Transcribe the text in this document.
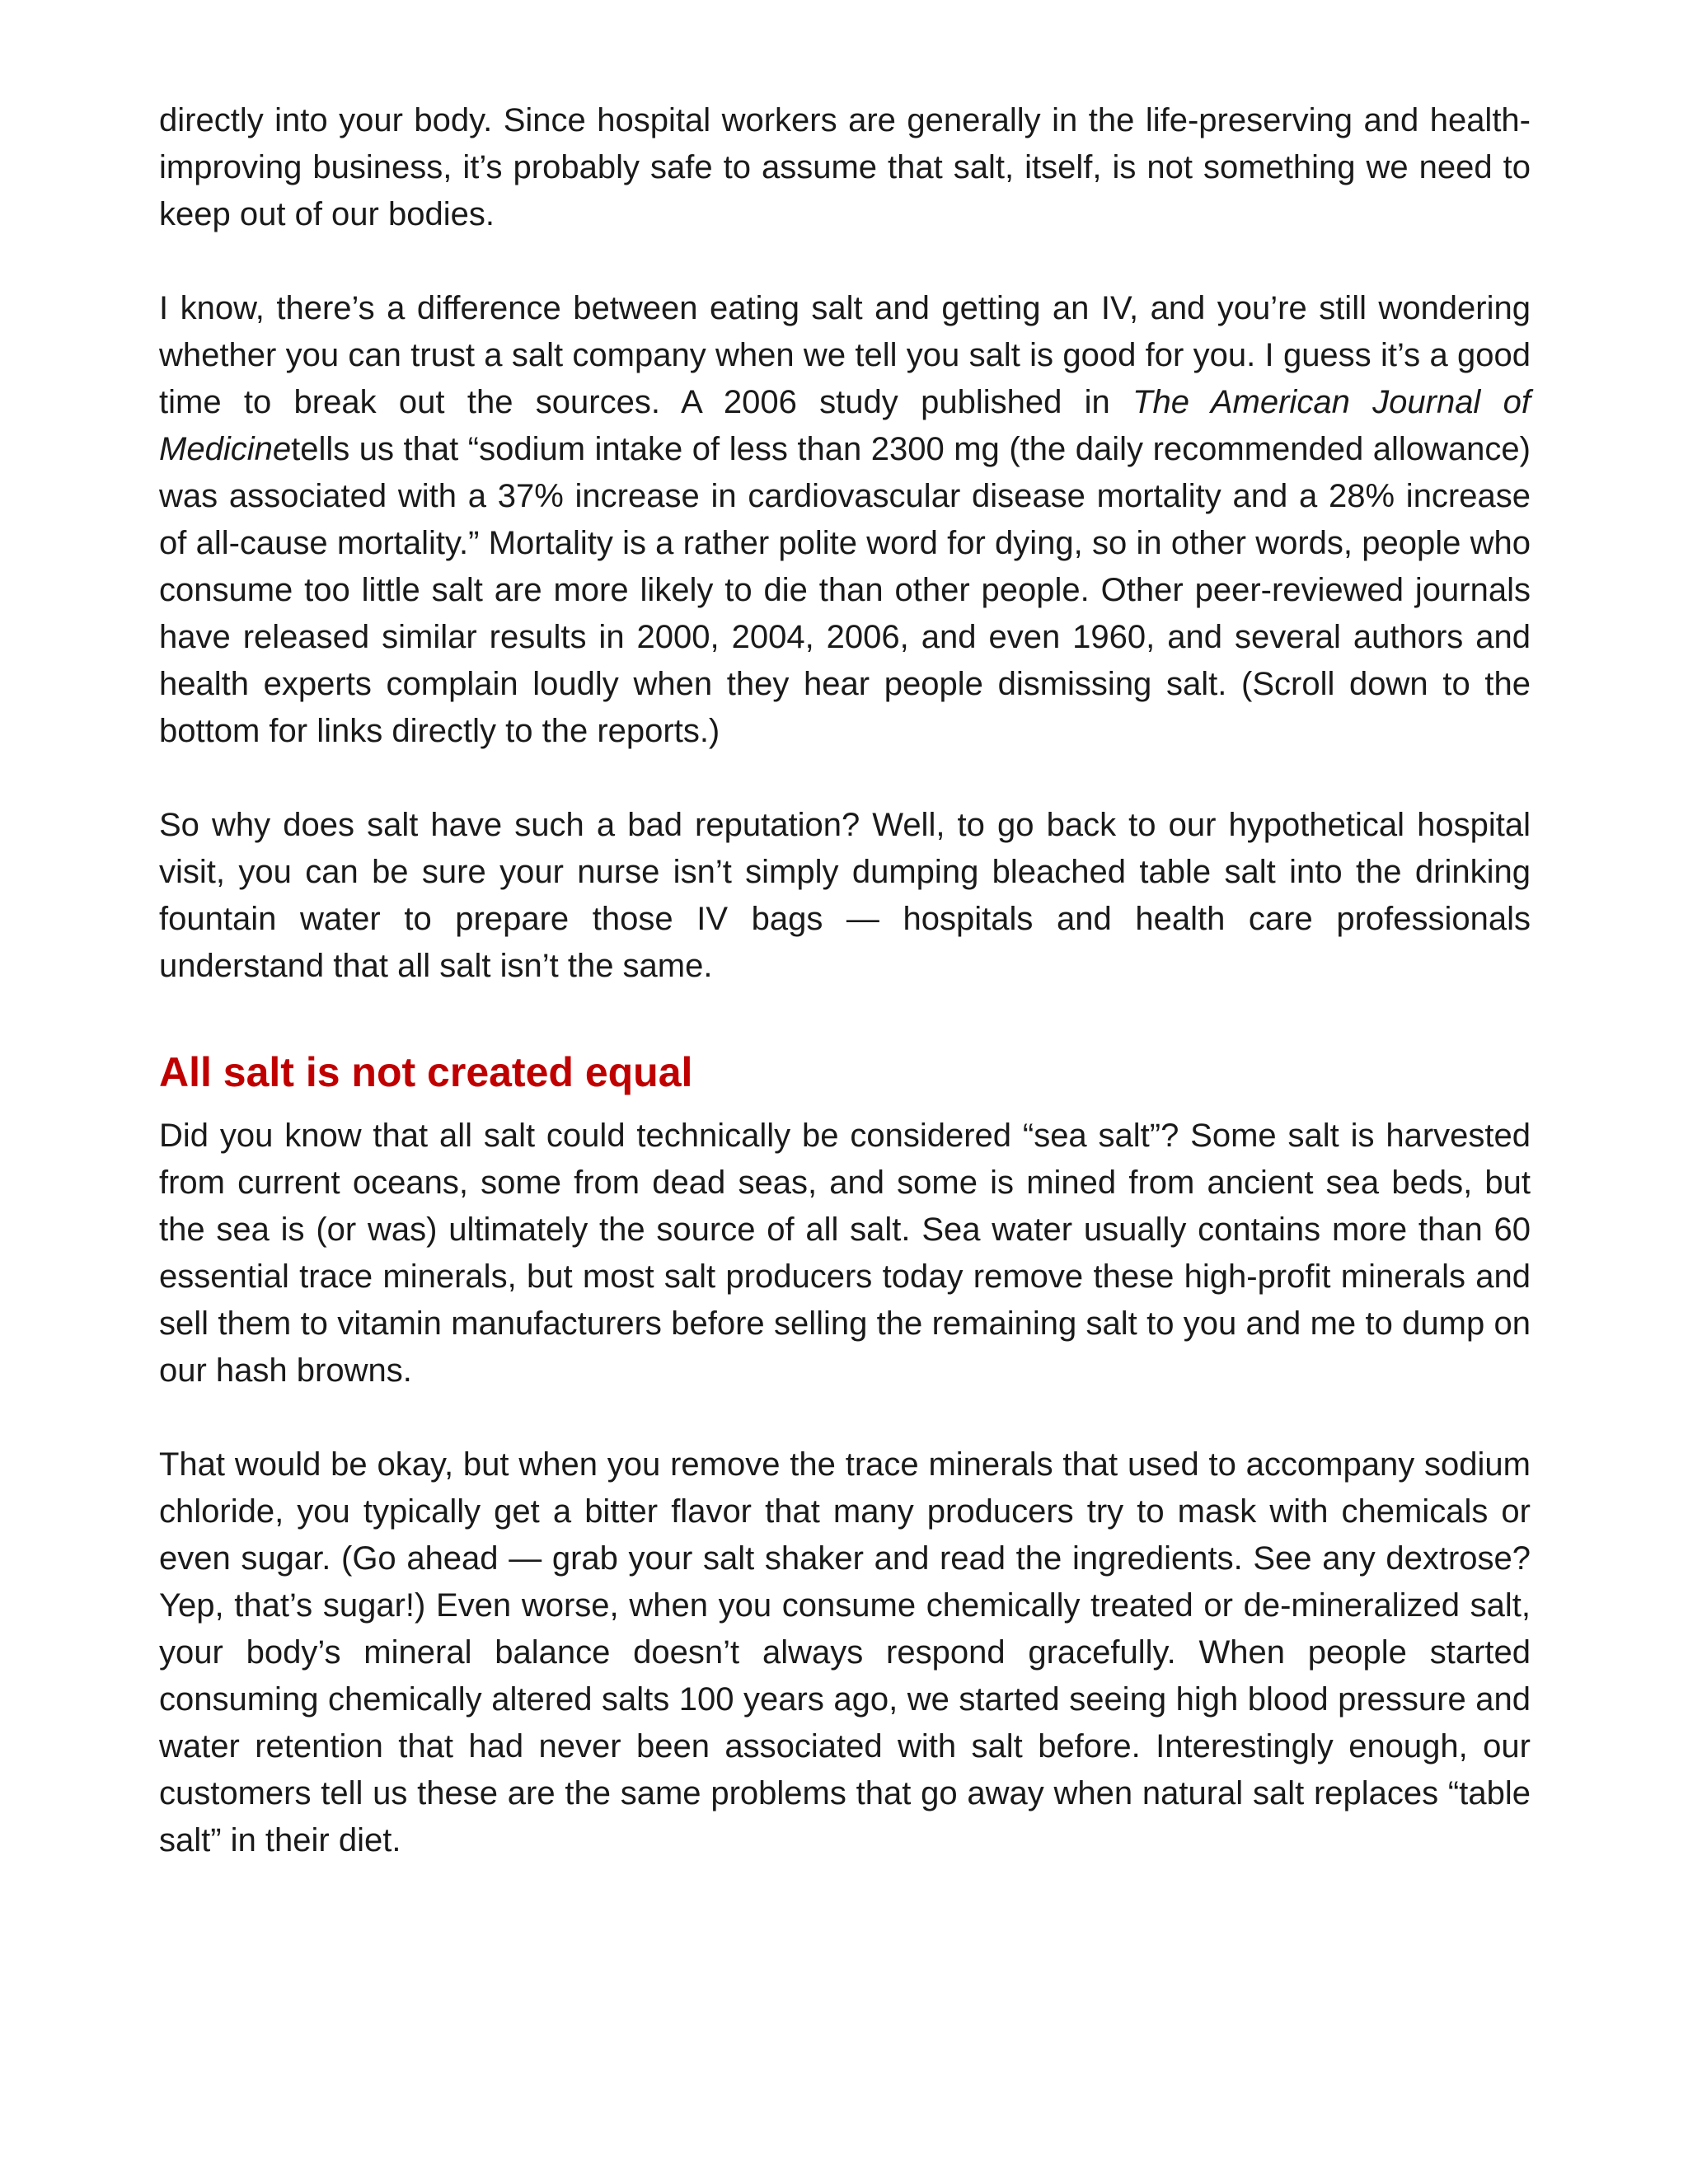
directly into your body. Since hospital workers are generally in the life-preserving and health-improving business, it’s probably safe to assume that salt, itself, is not something we need to keep out of our bodies.

I know, there’s a difference between eating salt and getting an IV, and you’re still wondering whether you can trust a salt company when we tell you salt is good for you. I guess it’s a good time to break out the sources. A 2006 study published in The American Journal of Medicinetells us that “sodium intake of less than 2300 mg (the daily recommended allowance) was associated with a 37% increase in cardiovascular disease mortality and a 28% increase of all-cause mortality.” Mortality is a rather polite word for dying, so in other words, people who consume too little salt are more likely to die than other people. Other peer-reviewed journals have released similar results in 2000, 2004, 2006, and even 1960, and several authors and health experts complain loudly when they hear people dismissing salt. (Scroll down to the bottom for links directly to the reports.)

So why does salt have such a bad reputation? Well, to go back to our hypothetical hospital visit, you can be sure your nurse isn’t simply dumping bleached table salt into the drinking fountain water to prepare those IV bags — hospitals and health care professionals understand that all salt isn’t the same.

All salt is not created equal

Did you know that all salt could technically be considered “sea salt”? Some salt is harvested from current oceans, some from dead seas, and some is mined from ancient sea beds, but the sea is (or was) ultimately the source of all salt. Sea water usually contains more than 60 essential trace minerals, but most salt producers today remove these high-profit minerals and sell them to vitamin manufacturers before selling the remaining salt to you and me to dump on our hash browns.

That would be okay, but when you remove the trace minerals that used to accompany sodium chloride, you typically get a bitter flavor that many producers try to mask with chemicals or even sugar. (Go ahead — grab your salt shaker and read the ingredients. See any dextrose? Yep, that’s sugar!) Even worse, when you consume chemically treated or de-mineralized salt, your body’s mineral balance doesn’t always respond gracefully. When people started consuming chemically altered salts 100 years ago, we started seeing high blood pressure and water retention that had never been associated with salt before. Interestingly enough, our customers tell us these are the same problems that go away when natural salt replaces “table salt” in their diet.
